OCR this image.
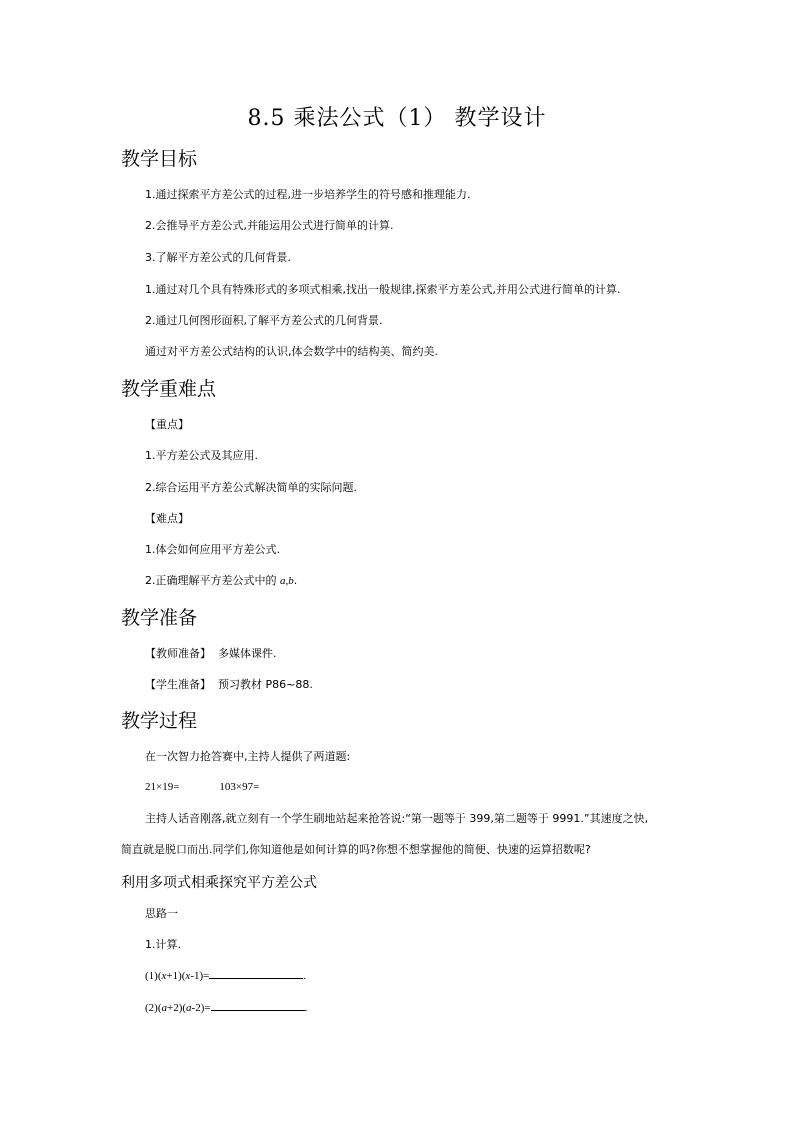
8.5 乘法公式（1） 教学设计
教学目标
1.通过探索平方差公式的过程,进一步培养学生的符号感和推理能力.
2.会推导平方差公式,并能运用公式进行简单的计算.
3.了解平方差公式的几何背景.
1.通过对几个具有特殊形式的多项式相乘,找出一般规律,探索平方差公式,并用公式进行简单的计算.
2.通过几何图形面积,了解平方差公式的几何背景.
通过对平方差公式结构的认识,体会数学中的结构美、简约美.
教学重难点
【重点】
1.平方差公式及其应用.
2.综合运用平方差公式解决简单的实际问题.
【难点】
1.体会如何应用平方差公式.
2.正确理解平方差公式中的 a,b.
教学准备
【教师准备】 多媒体课件.
【学生准备】 预习教材 P86~88.
教学过程
在一次智力抢答赛中,主持人提供了两道题:
21×19=	103×97=
主持人话音刚落,就立刻有一个学生刷地站起来抢答说:“第一题等于 399,第二题等于 9991.”其速度之快,
简直就是脱口而出.同学们,你知道他是如何计算的吗?你想不想掌握他的简便、快速的运算招数呢?
利用多项式相乘探究平方差公式
思路一
1.计算.
(1)(x+1)(x-1)=	.
(2)(a+2)(a-2)=	.
